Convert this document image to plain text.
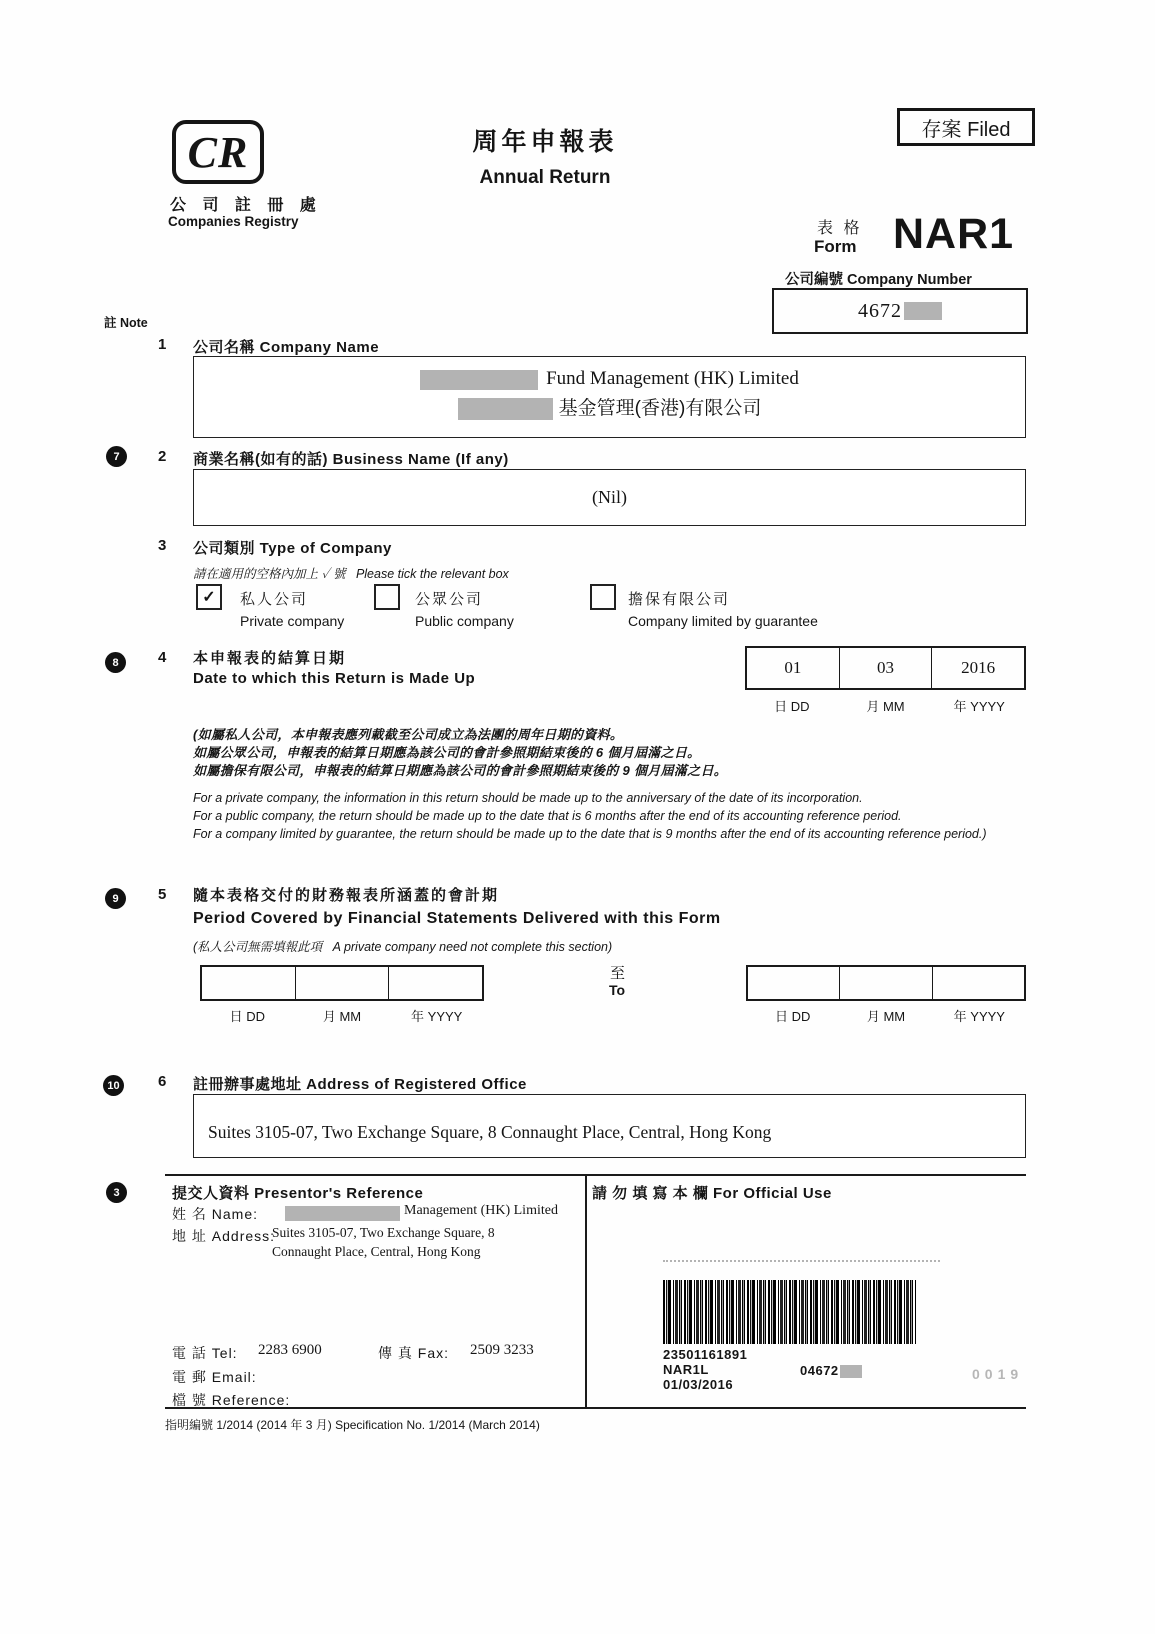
CR
公 司 註 冊 處
Companies Registry
周年申報表
Annual Return
存案 Filed
表 格
Form NAR1
公司編號 Company Number
4672
註 Note
1 公司名稱 Company Name
Fund Management (HK) Limited
基金管理(香港)有限公司
7	2 商業名稱(如有的話) Business Name (If any)
(Nil)
3 公司類別 Type of Company
請在適用的空格內加上 ✓ 號 Please tick the relevant box
✓ 私人公司
Private company
公眾公司
Public company
擔保有限公司
Company limited by guarantee
8	4 本申報表的結算日期
Date to which this Return is Made Up
01	03	2016
日 DD	月 MM	年 YYYY
(如屬私人公司，本申報表應列載截至公司成立為法團的周年日期的資料。
如屬公眾公司，申報表的結算日期應為該公司的會計參照期結束後的 6 個月屆滿之日。
如屬擔保有限公司，申報表的結算日期應為該公司的會計參照期結束後的 9 個月屆滿之日。
For a private company, the information in this return should be made up to the anniversary of the date of its incorporation.
For a public company, the return should be made up to the date that is 6 months after the end of its accounting reference period.
For a company limited by guarantee, the return should be made up to the date that is 9 months after the end of its accounting reference period.)
9	5 隨本表格交付的財務報表所涵蓋的會計期
Period Covered by Financial Statements Delivered with this Form
(私人公司無需填報此項 A private company need not complete this section)
日 DD	月 MM	年 YYYY
至
To
日 DD	月 MM	年 YYYY
10	6 註冊辦事處地址 Address of Registered Office
Suites 3105-07, Two Exchange Square, 8 Connaught Place, Central, Hong Kong
3	提交人資料 Presentor's Reference
姓 名 Name:	Management (HK) Limited
地 址 Address:
Suites 3105-07, Two Exchange Square, 8
Connaught Place, Central, Hong Kong
電 話 Tel: 2283 6900	傳 真 Fax: 2509 3233
電 郵 Email:
檔 號 Reference:
請 勿 填 寫 本 欄 For Official Use
23501161891
NAR1L
01/03/2016
04672	0019
指明編號 1/2014 (2014 年 3 月) Specification No. 1/2014 (March 2014)
